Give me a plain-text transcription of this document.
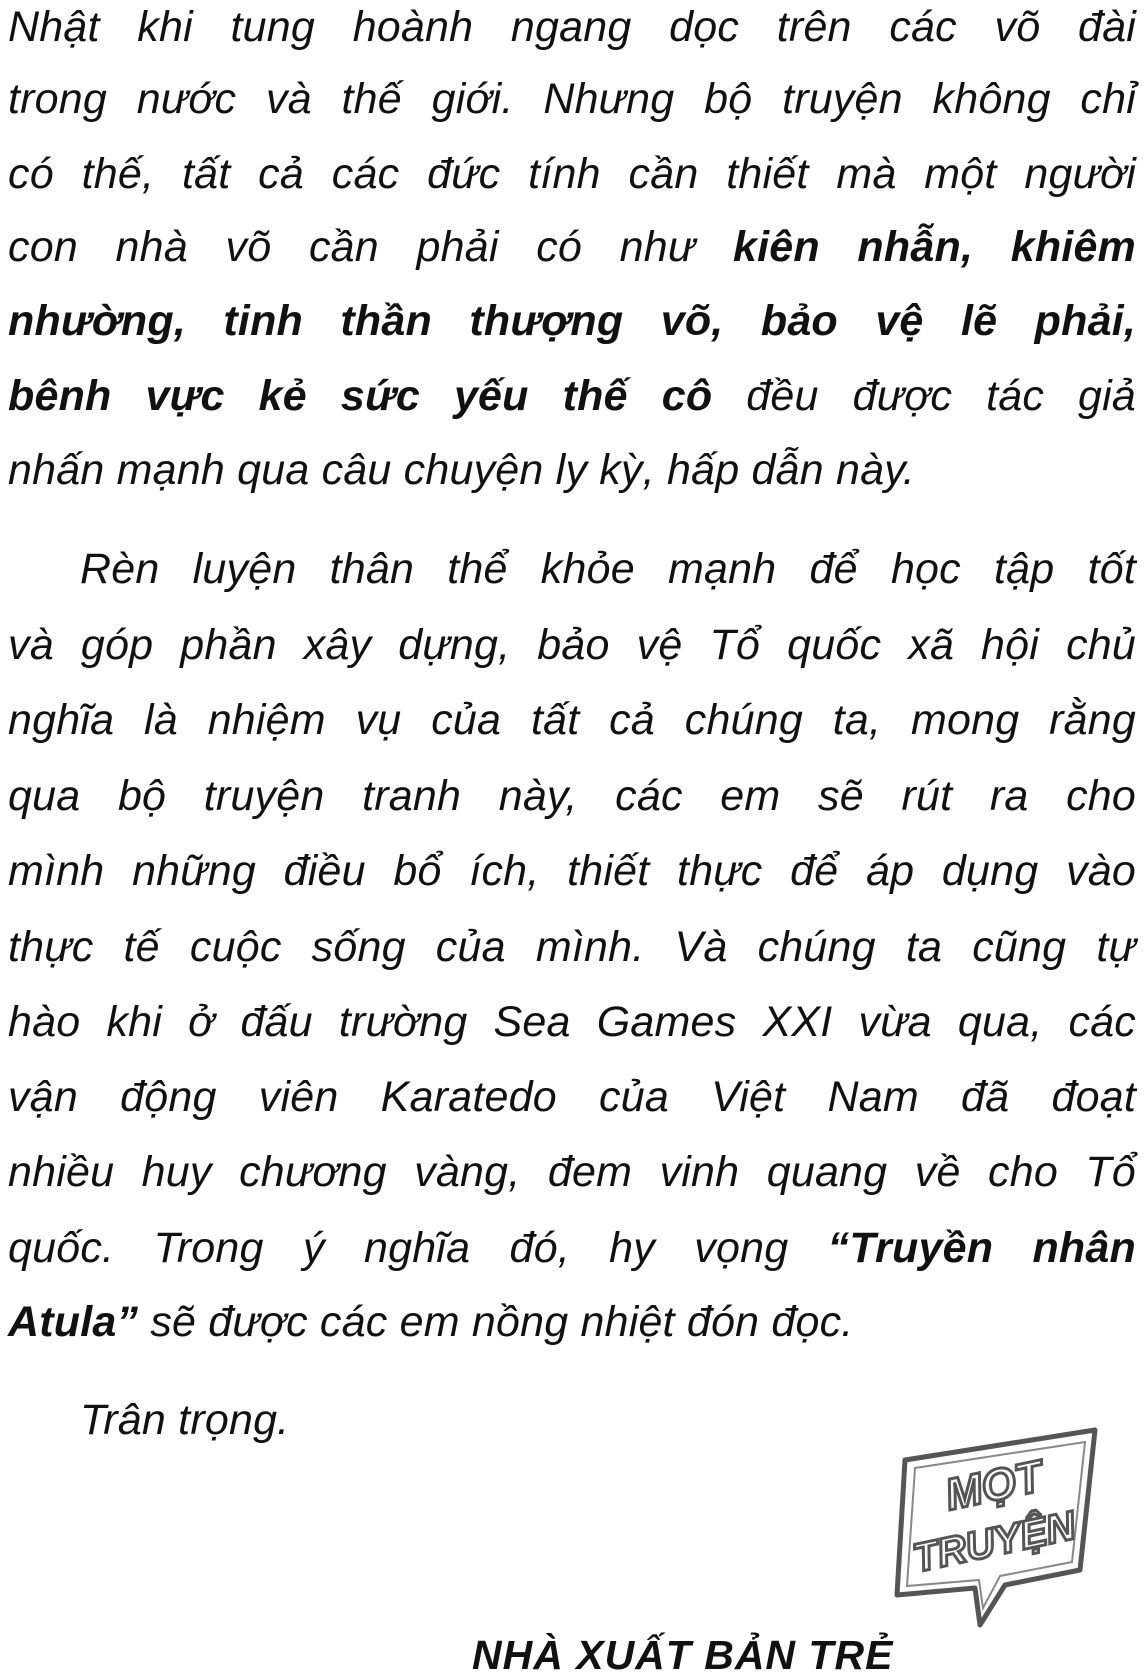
Nhật khi tung hoành ngang dọc trên các võ đài
trong nước và thế giới. Nhưng bộ truyện không chỉ
có thế, tất cả các đức tính cần thiết mà một người
con nhà võ cần phải có như kiên nhẫn, khiêm
nhường, tinh thần thượng võ, bảo vệ lẽ phải,
bênh vực kẻ sức yếu thế cô đều được tác giả
nhấn mạnh qua câu chuyện ly kỳ, hấp dẫn này.
Rèn luyện thân thể khỏe mạnh để học tập tốt
và góp phần xây dựng, bảo vệ Tổ quốc xã hội chủ
nghĩa là nhiệm vụ của tất cả chúng ta, mong rằng
qua bộ truyện tranh này, các em sẽ rút ra cho
mình những điều bổ ích, thiết thực để áp dụng vào
thực tế cuộc sống của mình. Và chúng ta cũng tự
hào khi ở đấu trường Sea Games XXI vừa qua, các
vận động viên Karatedo của Việt Nam đã đoạt
nhiều huy chương vàng, đem vinh quang về cho Tổ
quốc. Trong ý nghĩa đó, hy vọng “Truyền nhân
Atula” sẽ được các em nồng nhiệt đón đọc.
Trân trọng.
MỌT
TRUYỆN
NHÀ XUẤT BẢN TRẺ
